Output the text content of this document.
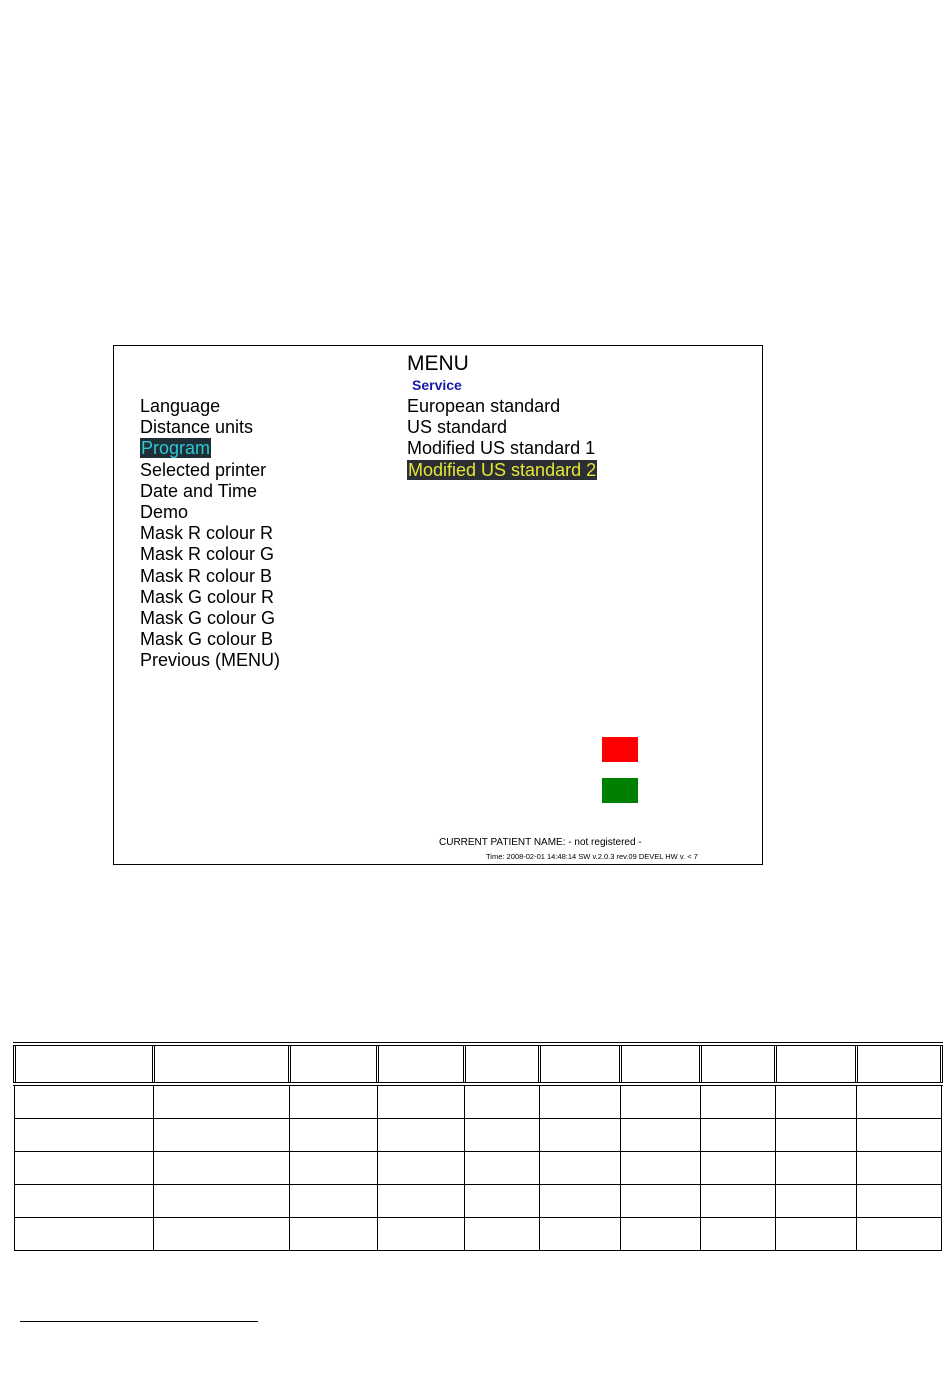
MENU
Service
Language
Distance units
Program
Selected printer
Date and Time
Demo
Mask R colour R
Mask R colour G
Mask R colour B
Mask G colour R
Mask G colour G
Mask G colour B
Previous (MENU)
European standard
US standard
Modified US standard 1
Modified US standard 2
CURRENT PATIENT NAME: - not registered -
Time: 2008-02-01 14:48:14 SW v.2.0.3 rev.09 DEVEL HW v. < 7
